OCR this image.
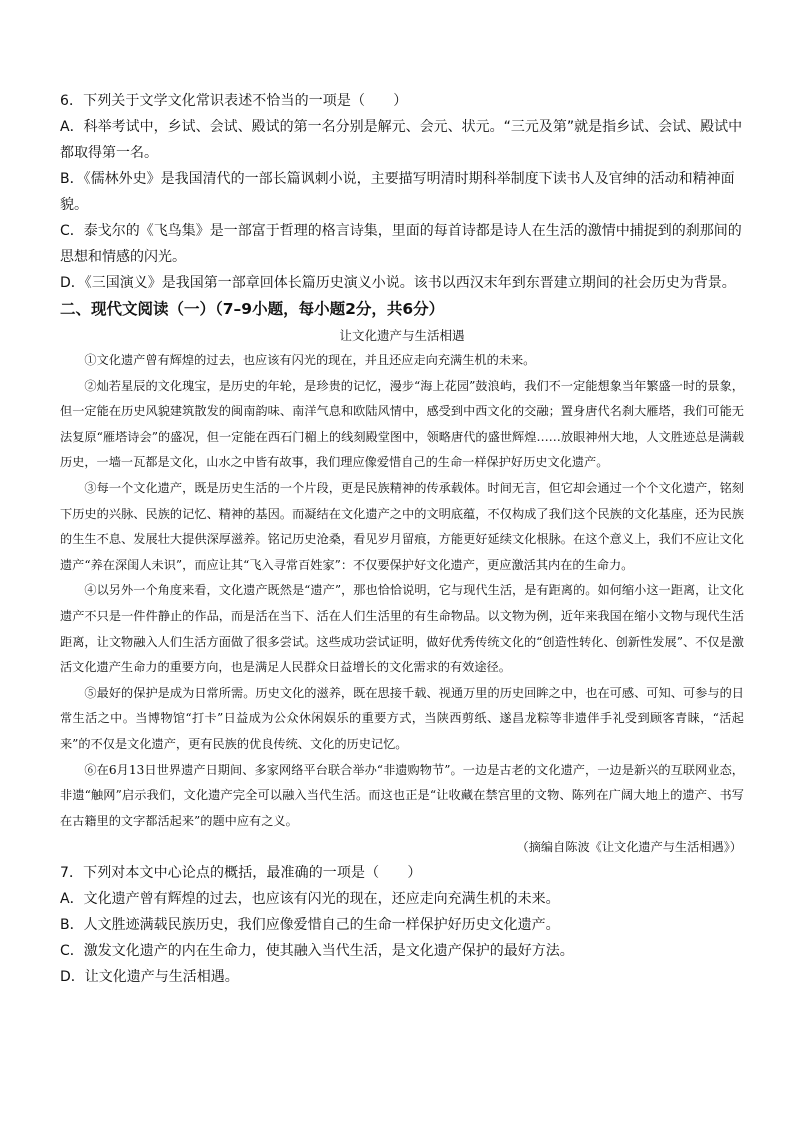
6．下列关于文学文化常识表述不恰当的一项是（　　）

A．科举考试中，乡试、会试、殿试的第一名分别是解元、会元、状元。“三元及第”就是指乡试、会试、殿试中都取得第一名。

B．《儒林外史》是我国清代的一部长篇讽刺小说，主要描写明清时期科举制度下读书人及官绅的活动和精神面貌。

C．泰戈尔的《飞鸟集》是一部富于哲理的格言诗集，里面的每首诗都是诗人在生活的激情中捕捉到的刹那间的思想和情感的闪光。

D．《三国演义》是我国第一部章回体长篇历史演义小说。该书以西汉末年到东晋建立期间的社会历史为背景。

二、现代文阅读（一）（7–9小题，每小题2分，共6分）

让文化遗产与生活相遇

①文化遗产曾有辉煌的过去，也应该有闪光的现在，并且还应走向充满生机的未来。

②灿若星辰的文化瑰宝，是历史的年轮，是珍贵的记忆，漫步“海上花园”鼓浪屿，我们不一定能想象当年繁盛一时的景象，但一定能在历史风貌建筑散发的闽南韵味、南洋气息和欧陆风情中，感受到中西文化的交融；置身唐代名刹大雁塔，我们可能无法复原“雁塔诗会”的盛况，但一定能在西石门楣上的线刻殿堂图中，领略唐代的盛世辉煌……放眼神州大地，人文胜迹总是满载历史，一墙一瓦都是文化，山水之中皆有故事，我们理应像爱惜自己的生命一样保护好历史文化遗产。

③每一个文化遗产，既是历史生活的一个片段，更是民族精神的传承载体。时间无言，但它却会通过一个个文化遗产，铭刻下历史的兴脉、民族的记忆、精神的基因。而凝结在文化遗产之中的文明底蕴，不仅构成了我们这个民族的文化基座，还为民族的生生不息、发展壮大提供深厚滋养。铭记历史沧桑，看见岁月留痕，方能更好延续文化根脉。在这个意义上，我们不应让文化遗产“养在深闺人未识”，而应让其“飞入寻常百姓家”：不仅要保护好文化遗产，更应激活其内在的生命力。

④以另外一个角度来看，文化遗产既然是“遗产”，那也恰恰说明，它与现代生活，是有距离的。如何缩小这一距离，让文化遗产不只是一件件静止的作品，而是活在当下、活在人们生活里的有生命物品。以文物为例，近年来我国在缩小文物与现代生活距离，让文物融入人们生活方面做了很多尝试。这些成功尝试证明，做好优秀传统文化的“创造性转化、创新性发展”、不仅是激活文化遗产生命力的重要方向，也是满足人民群众日益增长的文化需求的有效途径。

⑤最好的保护是成为日常所需。历史文化的滋养，既在思接千载、视通万里的历史回眸之中，也在可感、可知、可参与的日常生活之中。当博物馆“打卡”日益成为公众休闲娱乐的重要方式，当陕西剪纸、遂昌龙粽等非遗伴手礼受到顾客青睐，“活起来”的不仅是文化遗产，更有民族的优良传统、文化的历史记忆。

⑥在6月13日世界遗产日期间、多家网络平台联合举办“非遗购物节”。一边是古老的文化遗产，一边是新兴的互联网业态，非遗“触网”启示我们，文化遗产完全可以融入当代生活。而这也正是“让收藏在禁宫里的文物、陈列在广阔大地上的遗产、书写在古籍里的文字都活起来”的题中应有之义。

（摘编自陈波《让文化遗产与生活相遇》）

7．下列对本文中心论点的概括，最准确的一项是（　　）

A．文化遗产曾有辉煌的过去，也应该有闪光的现在，还应走向充满生机的未来。

B．人文胜迹满载民族历史，我们应像爱惜自己的生命一样保护好历史文化遗产。

C．激发文化遗产的内在生命力，使其融入当代生活，是文化遗产保护的最好方法。

D．让文化遗产与生活相遇。
